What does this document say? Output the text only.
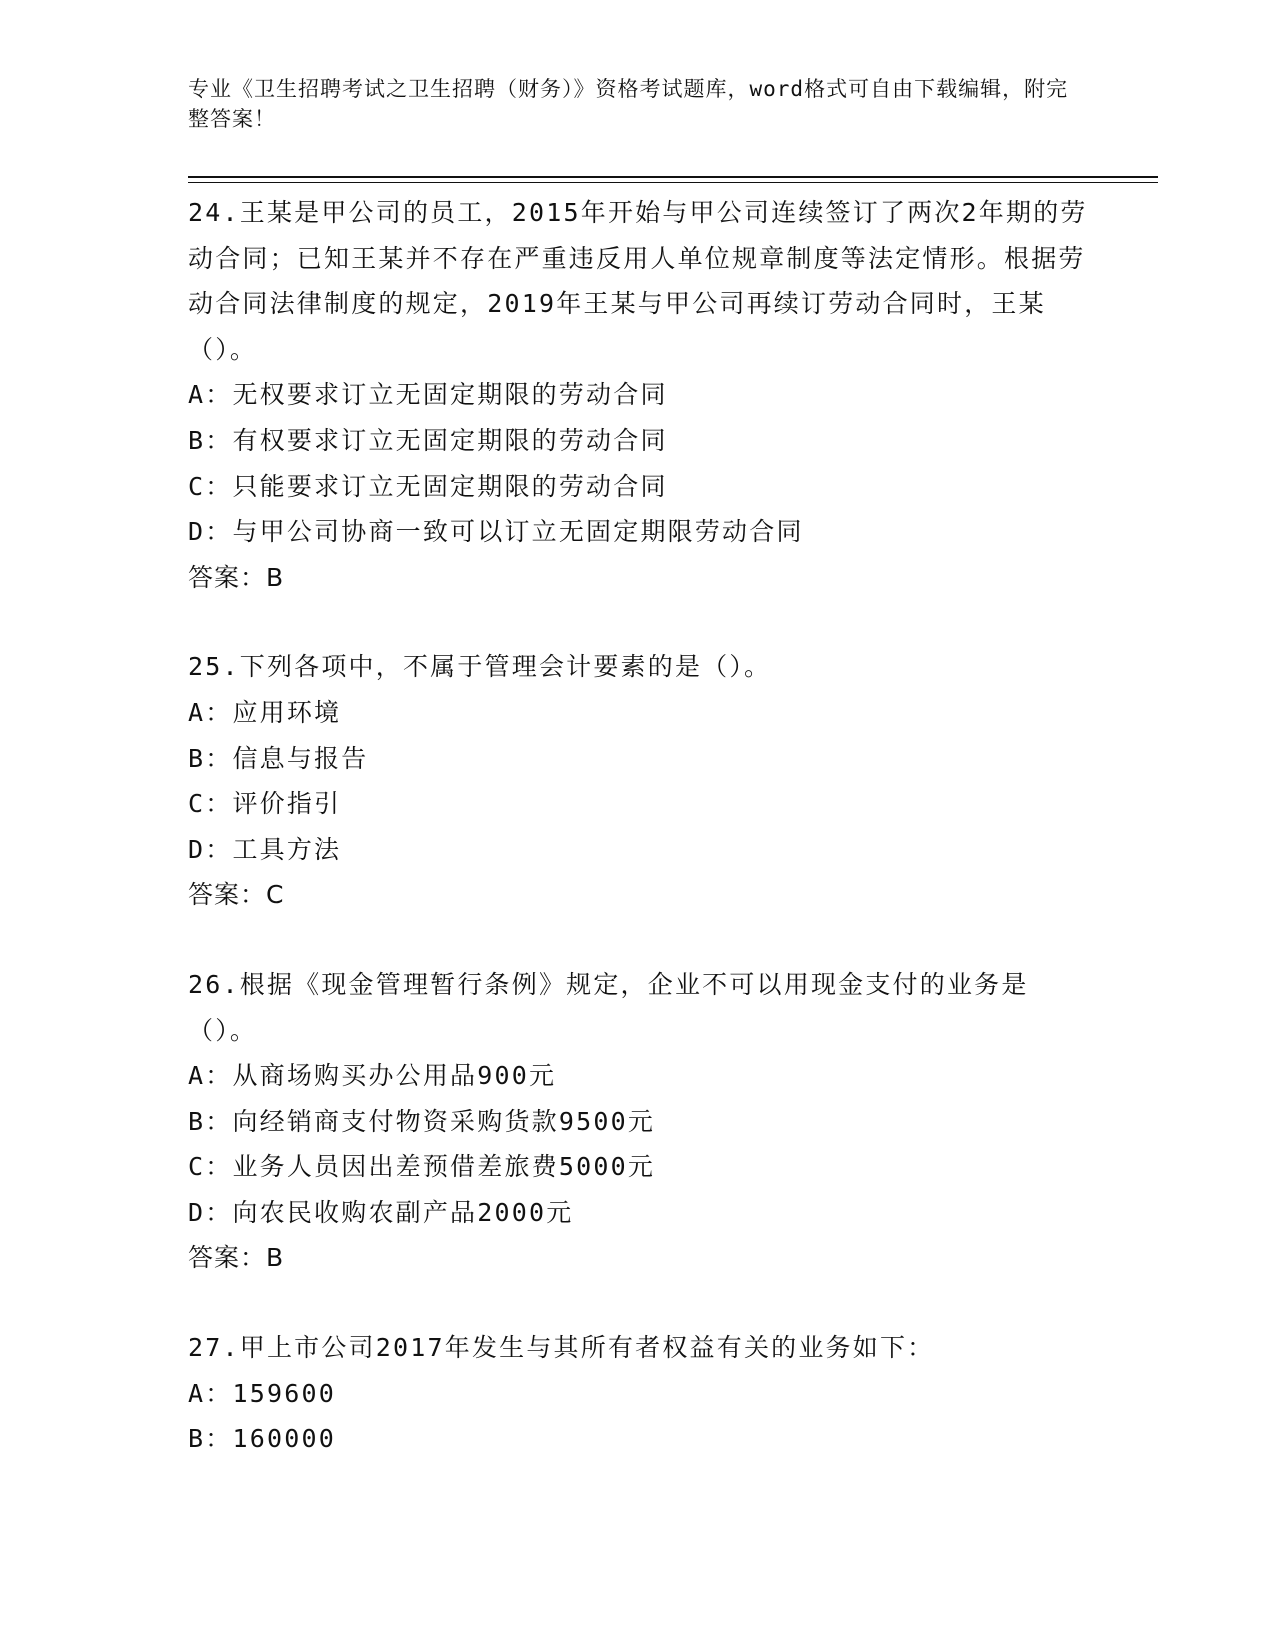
专业《卫生招聘考试之卫生招聘（财务）》资格考试题库，word格式可自由下载编辑，附完整答案！

24.王某是甲公司的员工，2015年开始与甲公司连续签订了两次2年期的劳动合同；已知王某并不存在严重违反用人单位规章制度等法定情形。根据劳动合同法律制度的规定，2019年王某与甲公司再续订劳动合同时，王某（）。

A：无权要求订立无固定期限的劳动合同

B：有权要求订立无固定期限的劳动合同

C：只能要求订立无固定期限的劳动合同

D：与甲公司协商一致可以订立无固定期限劳动合同

答案：B

25.下列各项中，不属于管理会计要素的是（）。

A：应用环境

B：信息与报告

C：评价指引

D：工具方法

答案：C

26.根据《现金管理暂行条例》规定，企业不可以用现金支付的业务是（）。

A：从商场购买办公用品900元

B：向经销商支付物资采购货款9500元

C：业务人员因出差预借差旅费5000元

D：向农民收购农副产品2000元

答案：B

27.甲上市公司2017年发生与其所有者权益有关的业务如下：

A：159600

B：160000
